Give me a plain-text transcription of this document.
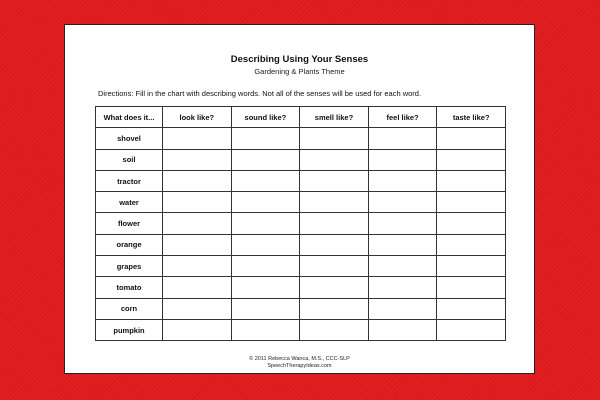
Describing Using Your Senses
Gardening & Plants Theme
Directions: Fill in the chart with describing words. Not all of the senses will be used for each word.
What does it...	look like?	sound like?	smell like?	feel like?	taste like?
shovel					
soil					
tractor					
water					
flower					
orange					
grapes					
tomato					
corn					
pumpkin					
© 2011 Rebecca Wanca, M.S., CCC-SLP
SpeechTherapyIdeas.com
